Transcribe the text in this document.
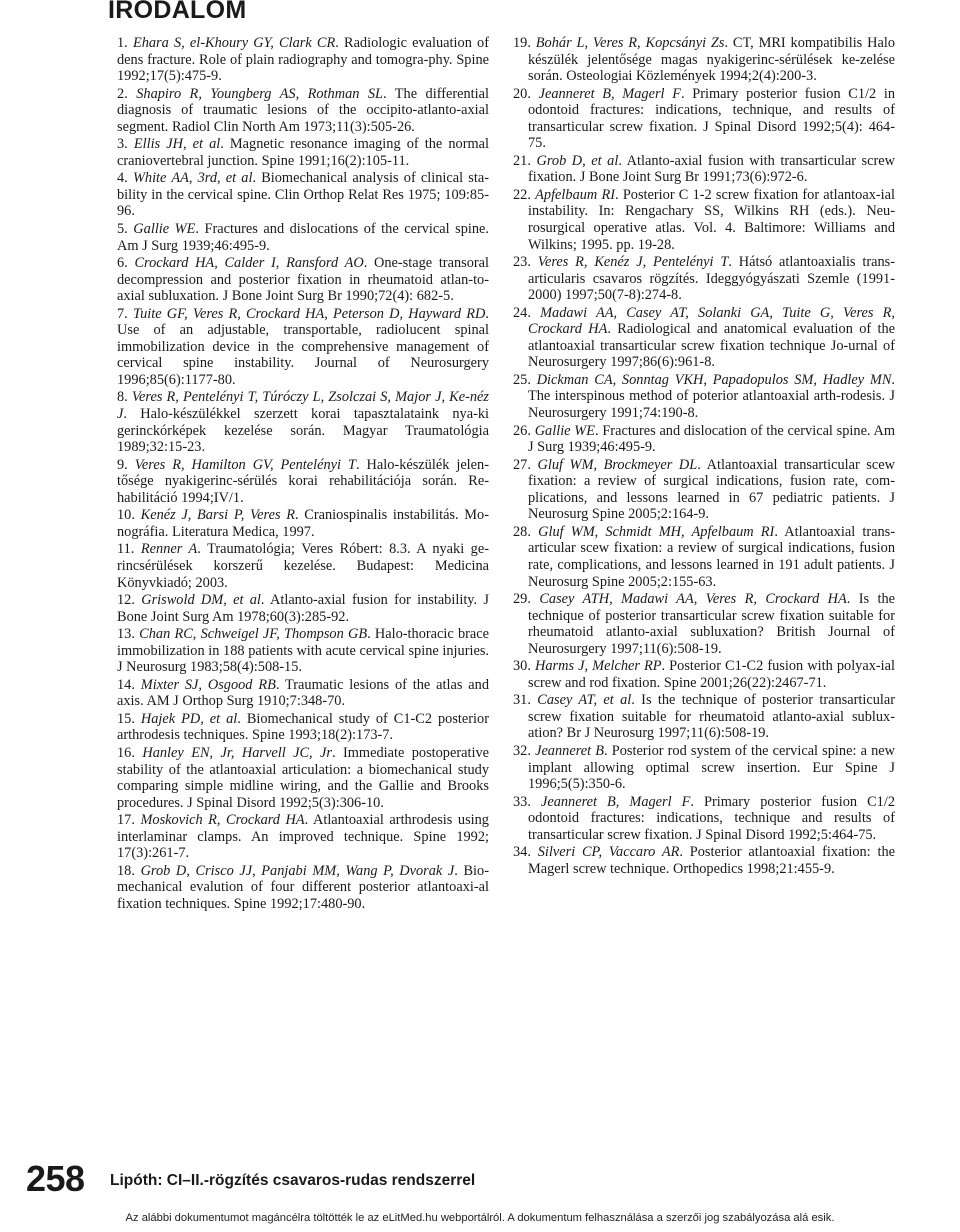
IRODALOM

1. Ehara S, el-Khoury GY, Clark CR. Radiologic evaluation of dens fracture. Role of plain radiography and tomogra-phy. Spine 1992;17(5):475-9.

2. Shapiro R, Youngberg AS, Rothman SL. The differential diagnosis of traumatic lesions of the occipito-atlanto-axial segment. Radiol Clin North Am 1973;11(3):505-26.

3. Ellis JH, et al. Magnetic resonance imaging of the normal craniovertebral junction. Spine 1991;16(2):105-11.

4. White AA, 3rd, et al. Biomechanical analysis of clinical sta-bility in the cervical spine. Clin Orthop Relat Res 1975; 109:85-96.

5. Gallie WE. Fractures and dislocations of the cervical spine. Am J Surg 1939;46:495-9.

6. Crockard HA, Calder I, Ransford AO. One-stage transoral decompression and posterior fixation in rheumatoid atlan-to-axial subluxation. J Bone Joint Surg Br 1990;72(4): 682-5.

7. Tuite GF, Veres R, Crockard HA, Peterson D, Hayward RD. Use of an adjustable, transportable, radiolucent spinal immobilization device in the comprehensive management of cervical spine instability. Journal of Neurosurgery 1996;85(6):1177-80.

8. Veres R, Pentelényi T, Túróczy L, Zsolczai S, Major J, Ke-néz J. Halo-készülékkel szerzett korai tapasztalataink nya-ki gerinckórképek kezelése során. Magyar Traumatológia 1989;32:15-23.

9. Veres R, Hamilton GV, Pentelényi T. Halo-készülék jelen-tősége nyakigerinc-sérülés korai rehabilitációja során. Re-habilitáció 1994;IV/1.

10. Kenéz J, Barsi P, Veres R. Craniospinalis instabilitás. Mo-nográfia. Literatura Medica, 1997.

11. Renner A. Traumatológia; Veres Róbert: 8.3. A nyaki ge-rincsérülések korszerű kezelése. Budapest: Medicina Könyvkiadó; 2003.

12. Griswold DM, et al. Atlanto-axial fusion for instability. J Bone Joint Surg Am 1978;60(3):285-92.

13. Chan RC, Schweigel JF, Thompson GB. Halo-thoracic brace immobilization in 188 patients with acute cervical spine injuries. J Neurosurg 1983;58(4):508-15.

14. Mixter SJ, Osgood RB. Traumatic lesions of the atlas and axis. AM J Orthop Surg 1910;7:348-70.

15. Hajek PD, et al. Biomechanical study of C1-C2 posterior arthrodesis techniques. Spine 1993;18(2):173-7.

16. Hanley EN, Jr, Harvell JC, Jr. Immediate postoperative stability of the atlantoaxial articulation: a biomechanical study comparing simple midline wiring, and the Gallie and Brooks procedures. J Spinal Disord 1992;5(3):306-10.

17. Moskovich R, Crockard HA. Atlantoaxial arthrodesis using interlaminar clamps. An improved technique. Spine 1992; 17(3):261-7.

18. Grob D, Crisco JJ, Panjabi MM, Wang P, Dvorak J. Bio-mechanical evalution of four different posterior atlantoaxi-al fixation techniques. Spine 1992;17:480-90.

19. Bohár L, Veres R, Kopcsányi Zs. CT, MRI kompatibilis Halo készülék jelentősége magas nyakigerinc-sérülések ke-zelése során. Osteologiai Közlemények 1994;2(4):200-3.

20. Jeanneret B, Magerl F. Primary posterior fusion C1/2 in odontoid fractures: indications, technique, and results of transarticular screw fixation. J Spinal Disord 1992;5(4): 464-75.

21. Grob D, et al. Atlanto-axial fusion with transarticular screw fixation. J Bone Joint Surg Br 1991;73(6):972-6.

22. Apfelbaum RI. Posterior C 1-2 screw fixation for atlantoax-ial instability. In: Rengachary SS, Wilkins RH (eds.). Neu-rosurgical operative atlas. Vol. 4. Baltimore: Williams and Wilkins; 1995. pp. 19-28.

23. Veres R, Kenéz J, Pentelényi T. Hátsó atlantoaxialis trans-articularis csavaros rögzítés. Ideggyógyászati Szemle (1991-2000) 1997;50(7-8):274-8.

24. Madawi AA, Casey AT, Solanki GA, Tuite G, Veres R, Crockard HA. Radiological and anatomical evaluation of the atlantoaxial transarticular screw fixation technique Jo-urnal of Neurosurgery 1997;86(6):961-8.

25. Dickman CA, Sonntag VKH, Papadopulos SM, Hadley MN. The interspinous method of poterior atlantoaxial arth-rodesis. J Neurosurgery 1991;74:190-8.

26. Gallie WE. Fractures and dislocation of the cervical spine. Am J Surg 1939;46:495-9.

27. Gluf WM, Brockmeyer DL. Atlantoaxial transarticular scew fixation: a review of surgical indications, fusion rate, com-plications, and lessons learned in 67 pediatric patients. J Neurosurg Spine 2005;2:164-9.

28. Gluf WM, Schmidt MH, Apfelbaum RI. Atlantoaxial trans-articular scew fixation: a review of surgical indications, fusion rate, complications, and lessons learned in 191 adult patients. J Neurosurg Spine 2005;2:155-63.

29. Casey ATH, Madawi AA, Veres R, Crockard HA. Is the technique of posterior transarticular screw fixation suitable for rheumatoid atlanto-axial subluxation? British Journal of Neurosurgery 1997;11(6):508-19.

30. Harms J, Melcher RP. Posterior C1-C2 fusion with polyax-ial screw and rod fixation. Spine 2001;26(22):2467-71.

31. Casey AT, et al. Is the technique of posterior transarticular screw fixation suitable for rheumatoid atlanto-axial sublux-ation? Br J Neurosurg 1997;11(6):508-19.

32. Jeanneret B. Posterior rod system of the cervical spine: a new implant allowing optimal screw insertion. Eur Spine J 1996;5(5):350-6.

33. Jeanneret B, Magerl F. Primary posterior fusion C1/2 odontoid fractures: indications, technique and results of transarticular screw fixation. J Spinal Disord 1992;5:464-75.

34. Silveri CP, Vaccaro AR. Posterior atlantoaxial fixation: the Magerl screw technique. Orthopedics 1998;21:455-9.

258 Lipóth: CI–II.-rögzítés csavaros-rudas rendszerrel
Az alábbi dokumentumot magáncélra töltötték le az eLitMed.hu webportálról. A dokumentum felhasználása a szerzői jog szabályozása alá esik.
